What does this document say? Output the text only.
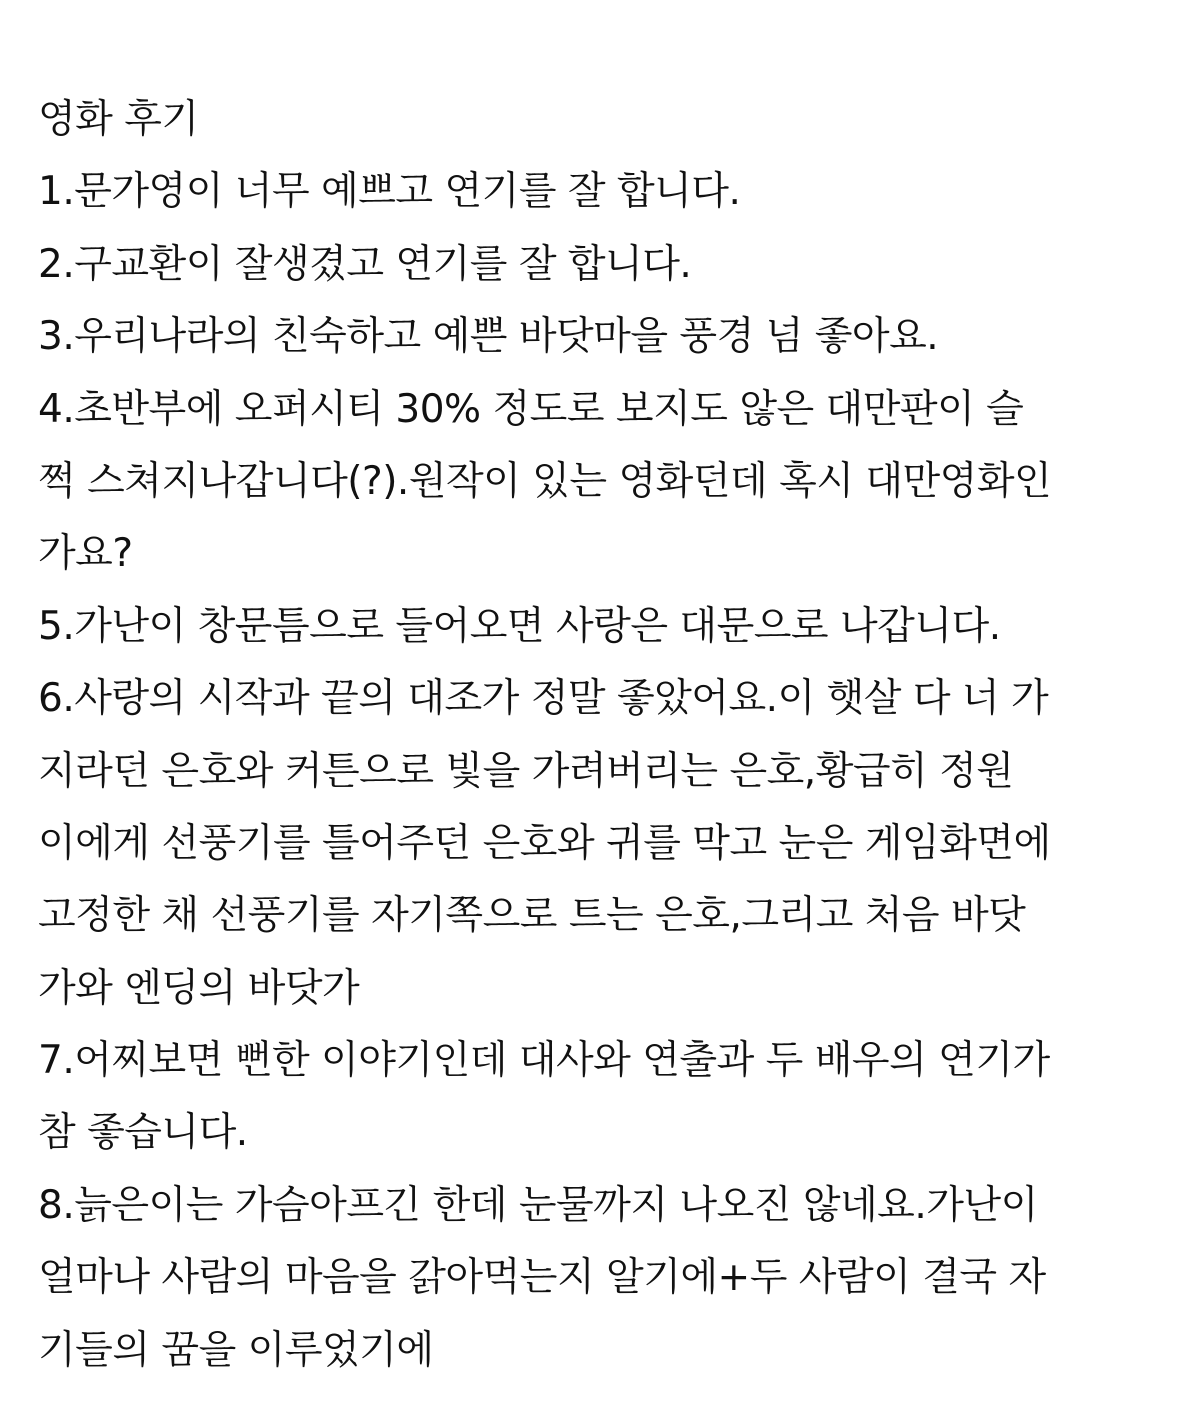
영화 후기
1.문가영이 너무 예쁘고 연기를 잘 합니다.
2.구교환이 잘생겼고 연기를 잘 합니다.
3.우리나라의 친숙하고 예쁜 바닷마을 풍경 넘 좋아요.
4.초반부에 오퍼시티 30% 정도로 보지도 않은 대만판이 슬
쩍 스쳐지나갑니다(?).원작이 있는 영화던데 혹시 대만영화인
가요?
5.가난이 창문틈으로 들어오면 사랑은 대문으로 나갑니다.
6.사랑의 시작과 끝의 대조가 정말 좋았어요.이 햇살 다 너 가
지라던 은호와 커튼으로 빛을 가려버리는 은호,황급히 정원
이에게 선풍기를 틀어주던 은호와 귀를 막고 눈은 게임화면에
고정한 채 선풍기를 자기쪽으로 트는 은호,그리고 처음 바닷
가와 엔딩의 바닷가
7.어찌보면 뻔한 이야기인데 대사와 연출과 두 배우의 연기가
참 좋습니다.
8.늙은이는 가슴아프긴 한데 눈물까지 나오진 않네요.가난이
얼마나 사람의 마음을 갉아먹는지 알기에+두 사람이 결국 자
기들의 꿈을 이루었기에
